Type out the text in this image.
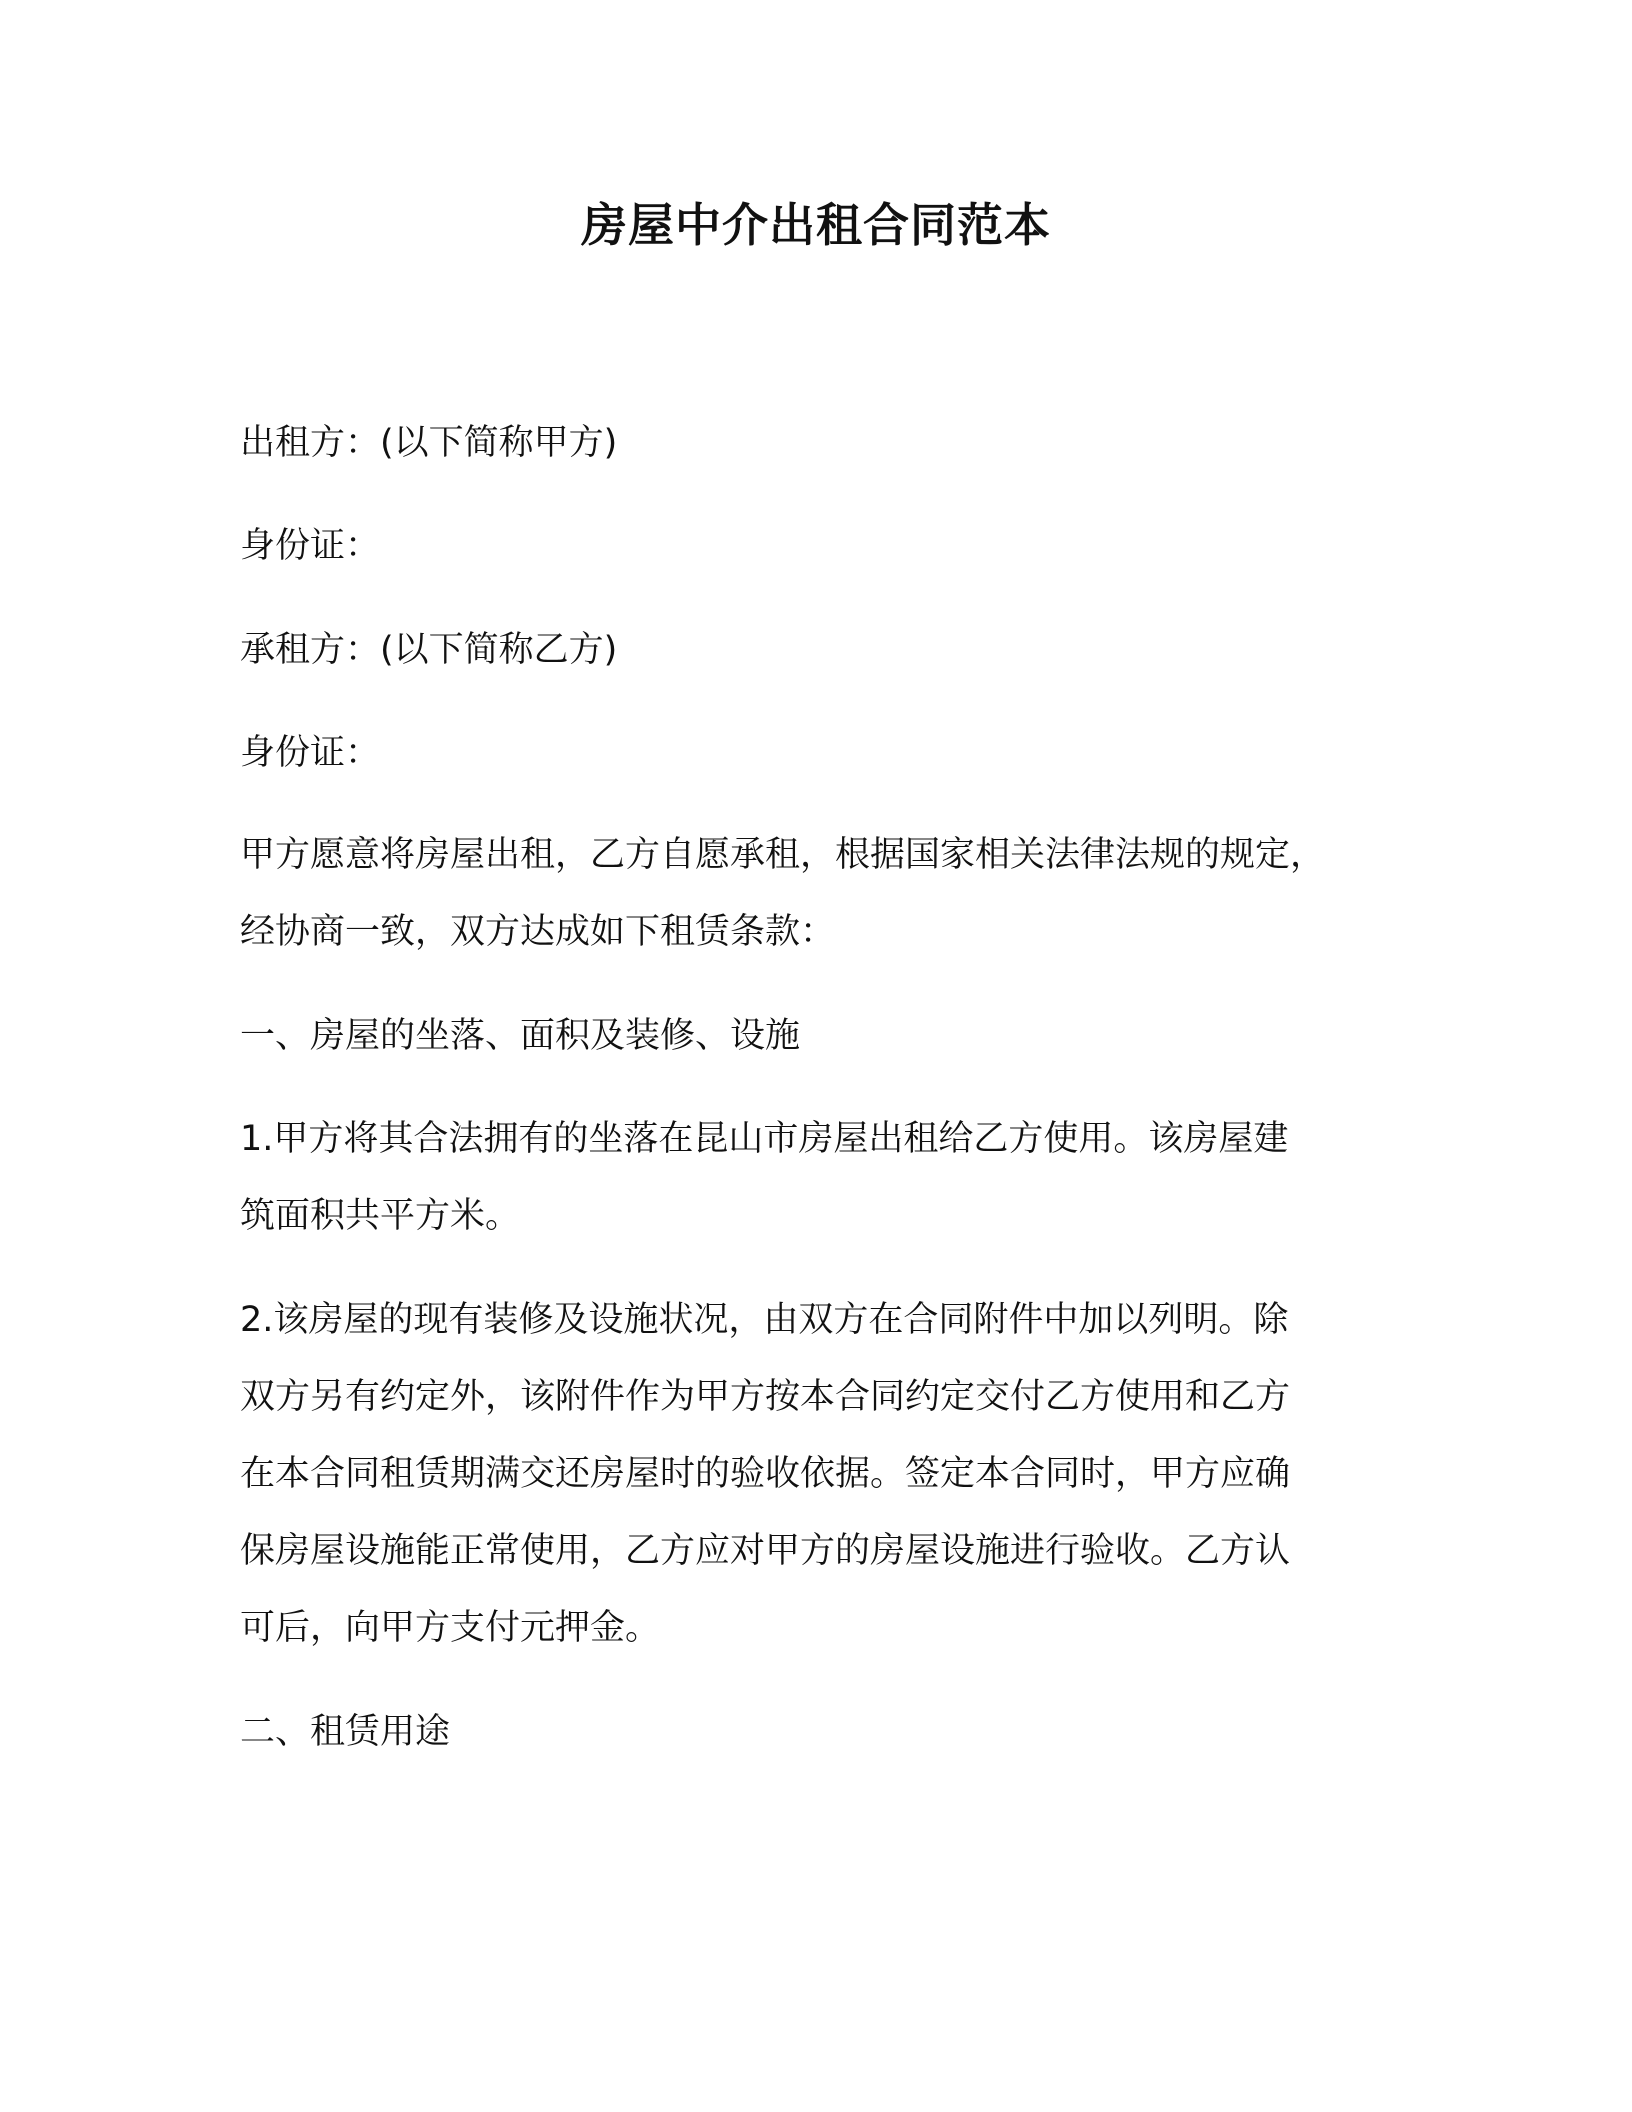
房屋中介出租合同范本
出租方：(以下简称甲方)
身份证：
承租方：(以下简称乙方)
身份证：
甲方愿意将房屋出租，乙方自愿承租，根据国家相关法律法规的规定，
经协商一致，双方达成如下租赁条款：
一、房屋的坐落、面积及装修、设施
1.甲方将其合法拥有的坐落在昆山市房屋出租给乙方使用。该房屋建
筑面积共平方米。
2.该房屋的现有装修及设施状况，由双方在合同附件中加以列明。除
双方另有约定外，该附件作为甲方按本合同约定交付乙方使用和乙方
在本合同租赁期满交还房屋时的验收依据。签定本合同时，甲方应确
保房屋设施能正常使用，乙方应对甲方的房屋设施进行验收。乙方认
可后，向甲方支付元押金。
二、租赁用途
